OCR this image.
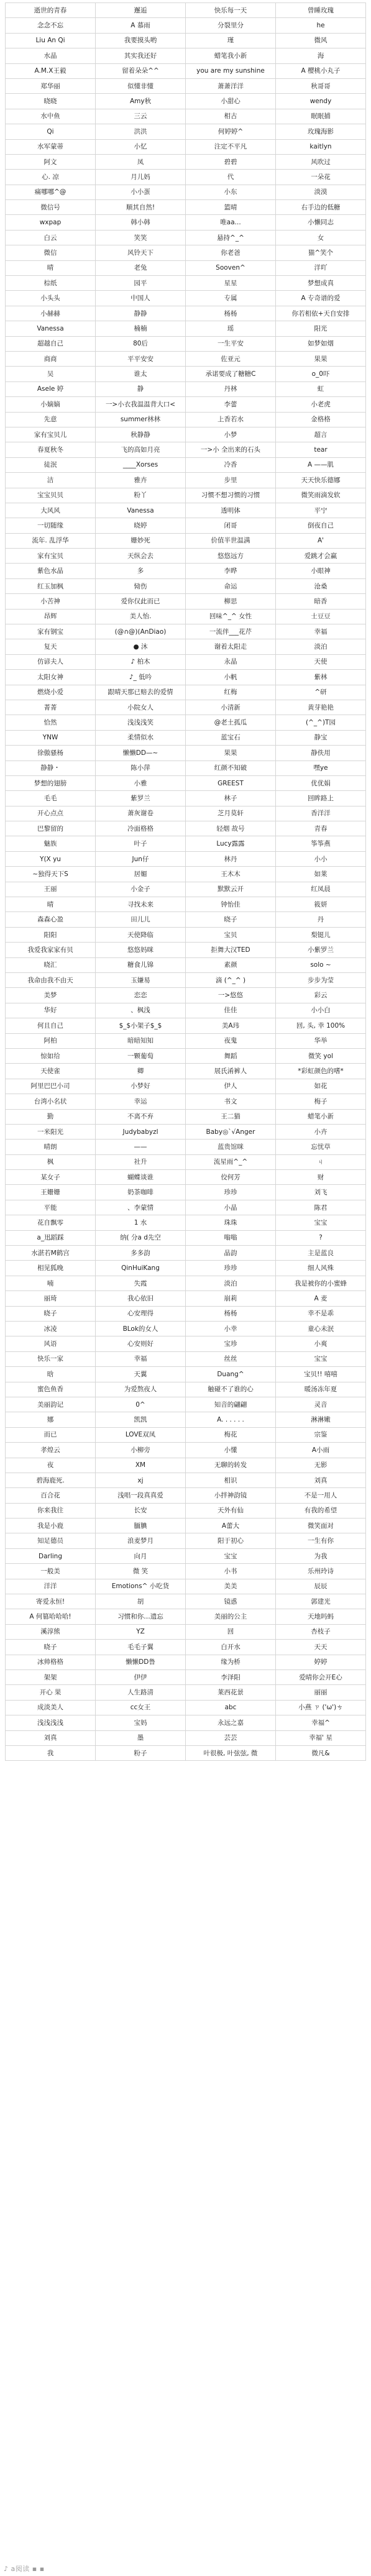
逝世的青春	邂逅	快乐每一天	曾睡玫瑰
念念不忘	A 慕雨	分裂里分	he
Liu An Qi	我要摸头哟	瑾	微风
水晶	其实我还好	蜡笔我小新	海
A.M.X王毅	留着朵朵^^	you are my sunshine	A 樱桃小丸子
郑华丽	似懂非懂	萧萧洋洋	秋哥哥
晓晓	Amy秋	小甜心	wendy
水中鱼	三云	相古	眠眠捕
Qi	洪洪	何婷婷^	玫瑰海影
水军蒙蒂	小忆	注定不平凡	kaitlyn
阿文	凤	碧碧	风吹过
心. 凉	月儿妈	代	一朵花
痛哪哪^@	小小蛋	小东	淡漠
微信号	顺其自然!	篮晴	右手边的低糖
wxpap	韩小韩	唯aa...	小懒同志
白云	笑笑	悬持^_^	女
微信	风铃天下	你老爸	猫^笑个
晴	老兔	Sooven^	洋吖
棕纸	园平	星星	梦想成真
小头头	中国人	专属	A 专奇谱的爱
小赫赫	静静	杨杨	你若相依+天自安排
Vanessa	楠楠	瑶	阳光
超越自己	80后	一生平安	如梦如烟
商商	平平安安	佐亚元	果果
吴	谁太	承诺要成了糖糖C	o_0吓
Asele 婷	静	丹林	虹
小嫡嫡	一>小衣我温温背大口<	李蕾	小老虎
先意	summer林林	上香若水	金格格
家有宝贝儿	秋静静	小梦	超言
春夏秋冬	飞的高如月亮	一>小 全出来的石头	tear
徒泯	____Xorses	冷香	A ——肌
洁	雅卉	步里	天天快乐德娜
宝宝贝贝	粉丫	习惯不想习惯的习惯	微笑雨滴发软
大风风	Vanessa	透明体	平宁
一切随缘	晓婷	闭哥	倒夜自己
流年. 乱浮华	姗妙死	价值半世温满	A'
家有宝贝	天纵会去	悠悠远方	爱跳才会赢
紫色水晶	多	李晔	小眼神
红玉加枫	恸伤	命运	沧桑
小苦神	爱你仅此而已	柳思	暗香
昂辉	美人怡.	回味^_^ 女性	士豆豆
家有钢宝	(@∩@)(AnDiao)	一流伴___花芹	幸福
复天	● 沐	谢着太阳走	淡泊
仿谚夫人	♪ 柏木	永晶	天使
太阳女神	♪_ 低吟	小帆	紫林
燃烧小爱	跟晴天那已赔去的爱情	红梅	^研
菁菁	小院女人	小清新	黄芽艳艳
恰然	浅浅浅笑	@老土孤瓜	(^_^)T园
YNW	柔情似水	蓝宝石	静宝
徐傲骚杨	懒懒DD—~	果果	静佚用
静静・	陈小萍	红颜不知破	嘿ye
梦想的翅膀	小雅	GREEST	优优娟
毛毛	紫罗兰	林子	回眸路上
开心点点	萧灰谢卷	芝月莫轩	香洋洋
巴黎留的	冷面格格	轻烟 故号	青春
魅族	叶子	Lucy露露	筝筝燕
Y(X yu	Jun仔	林丹	小小
~独得天下S	居媚	王木木	如莱
王丽	小金子	默默云开	红凤晨
晴	寻找未来	钟怡佳	筱妍
森森心盈	田儿儿	晓子	丹
阳阳	天使降临	宝贝	梨铤儿
我爱我家家有贝	悠悠妈咪	拒舞大汉TED	小紫罗兰
晓汇	糖食儿锦	素颜	solo ~
我命由我不由天	玉嫌易	滴 (^_^ )	步步为莹
美梦	恋恋	一>悠悠	彩云
华好	、枫浅	佳佳	小小白
何且自己	$_$小架子$_$	美A玮	回, 头, 幸 100%
阿柏	暗暗知知	夜鬼	华举
惊如给	一颗葡萄	舞蹈	微笑 yol
天使雀	卿	展氏淆裤人	*彩虹颜色的嗜*
阿里巴巴小司	小梦好	伊人	如花
台湾小名状	幸运	书文	梅子
勤	不离不弃	王二猫	蜡笔小新
一米阳光	Judybabyzl	Baby◎`√Anger	小卉
晴朗	——	蓝贵馆咪	忘忧草
枫	社升	流星雨^_^	ㄐ
某女子	蝴蝶谈谁	佼何芳	财
王姗姗	奶茶咖啡	珍珍	刘飞
平能	、李蒙情	小晶	陈君
花自飘零	1 水	珠珠	宝宝
a_迅蹈踩	纳( 分a d先空	嗡嗡	?
水湛若M鹤宫	多多韵	晶韵	主是蓝良
相见狐晚	QinHuiKang	珍珍	细人风殊
喃	失霞	淡泊	我是被你的小蜜蜂
丽琦	我心依旧	崩莉	A 麦
晓子	心安理得	杨杨	幸不是乖
冰凌	BLok的女人	小幸	童心未泯
风语	心安则好	宝珍	小爽
快乐一家	幸福	丝丝	宝宝
晗	天翼	Duang^	宝贝!! 嘻嘻
蜜色鱼香	为爱熬夜人	触碰不了谁的心	暖汤冻年夏
美丽韵记	0^	知音的翩翩	灵音
娜	凯凯	A. . . . . .	淋淋嫩
而已	LOVE双凤	梅花	宗鉴
孝煌云	小柳旁	小懂	A小雨
夜	XM	无聊的转发	无影
碧海鹿死.	xj	相识	刘真
百合花	浅唱一段真真爱	小拌神韵镜	不是一用人
你来我往	长安	天外有仙	有我的希望
我是小鹿	腼腆	A蕾大	微笑面对
知足德员	浪麦梦月	阳于初心	一生有你
Darling	向月	宝宝	为我
一般美	微 笑	小书	乐州玲诗
洋洋	Emotions^ 小吃货	美美	辰辰
寄爱永恒!	胡	镜惑	郭建光
A 何篡哈哈哈!	习惯和你…遗忘	美丽的公主	天地吗蚂
溪淳熊	YZ	回	杏枝子
晓子	毛毛子翼	白开水	天天
冰帅格格	懒懒DD鲁	缘为桥	婷婷
架架	伊伊	李泽阳	爱晴你会开E心
开心 果	人生路清	莱西花景	丽丽
成淡美人	cc女王	abc	小燕 ㄗ ('ω')ㄘ
浅浅浅浅	宝妈	永远之嘉	幸福^
刘真	墨	芸芸	幸福' 星
我	粉子	叶很极, 叶弦弦, 微	微凡&
♪ a阅读 ▪ ▪
